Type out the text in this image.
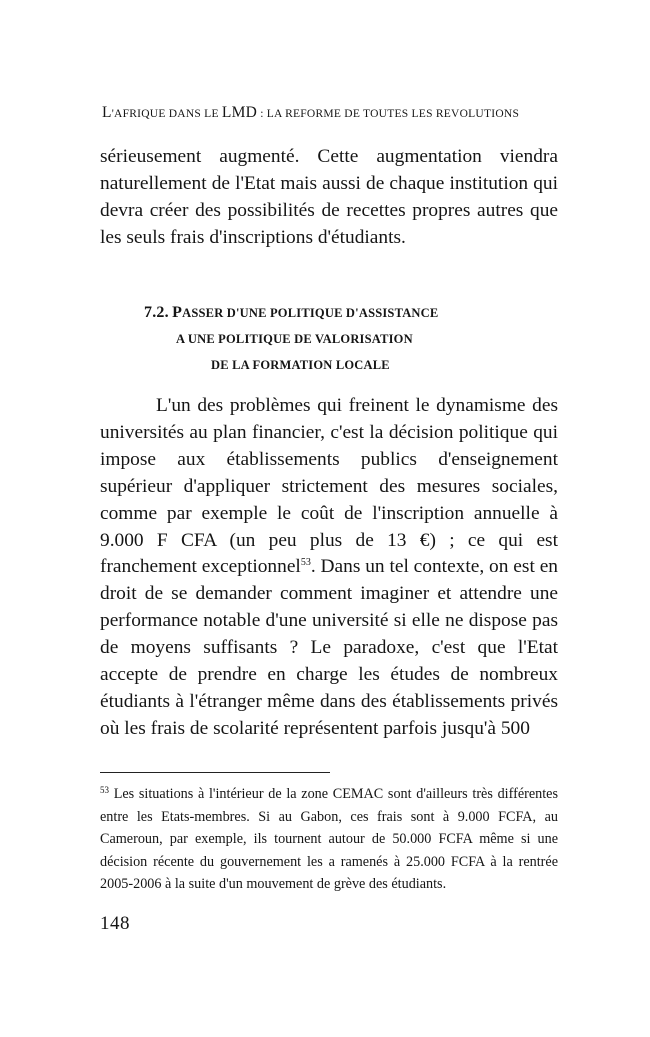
L'AFRIQUE DANS LE LMD : LA REFORME DE TOUTES LES REVOLUTIONS
sérieusement augmenté. Cette augmentation viendra naturellement de l'Etat mais aussi de chaque institution qui devra créer des possibilités de recettes propres autres que les seuls frais d'inscriptions d'étudiants.
7.2. PASSER D'UNE POLITIQUE D'ASSISTANCE
A UNE POLITIQUE DE VALORISATION
DE LA FORMATION LOCALE
L'un des problèmes qui freinent le dynamisme des universités au plan financier, c'est la décision politique qui impose aux établissements publics d'enseignement supérieur d'appliquer strictement des mesures sociales, comme par exemple le coût de l'inscription annuelle à 9.000 F CFA (un peu plus de 13 €) ; ce qui est franchement exceptionnel$^{53}$. Dans un tel contexte, on est en droit de se demander comment imaginer et attendre une performance notable d'une université si elle ne dispose pas de moyens suffisants ? Le paradoxe, c'est que l'Etat accepte de prendre en charge les études de nombreux étudiants à l'étranger même dans des établissements privés où les frais de scolarité représentent parfois jusqu'à 500
$^{53}$ Les situations à l'intérieur de la zone CEMAC sont d'ailleurs très différentes entre les Etats-membres. Si au Gabon, ces frais sont à 9.000 FCFA, au Cameroun, par exemple, ils tournent autour de 50.000 FCFA même si une décision récente du gouvernement les a ramenés à 25.000 FCFA à la rentrée 2005-2006 à la suite d'un mouvement de grève des étudiants.
148
